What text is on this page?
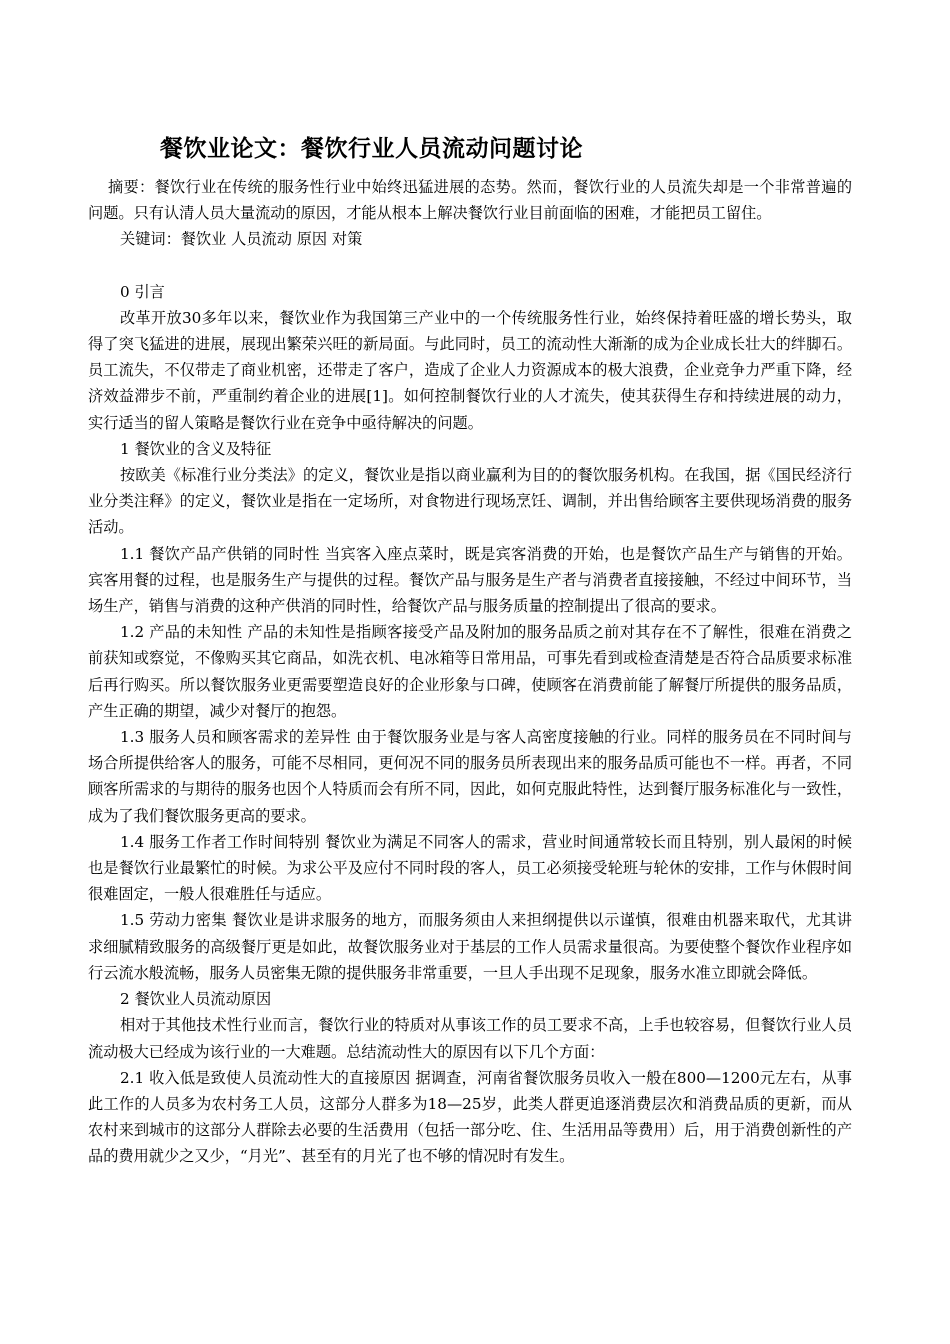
餐饮业论文：餐饮行业人员流动问题讨论

摘要：餐饮行业在传统的服务性行业中始终迅猛进展的态势。然而，餐饮行业的人员流失却是一个非常普遍的问题。只有认清人员大量流动的原因，才能从根本上解决餐饮行业目前面临的困难，才能把员工留住。

关键词：餐饮业 人员流动 原因 对策

0 引言

改革开放30多年以来，餐饮业作为我国第三产业中的一个传统服务性行业，始终保持着旺盛的增长势头，取得了突飞猛进的进展，展现出繁荣兴旺的新局面。与此同时，员工的流动性大渐渐的成为企业成长壮大的绊脚石。员工流失，不仅带走了商业机密，还带走了客户，造成了企业人力资源成本的极大浪费，企业竞争力严重下降，经济效益滞步不前，严重制约着企业的进展[1]。如何控制餐饮行业的人才流失，使其获得生存和持续进展的动力，实行适当的留人策略是餐饮行业在竞争中亟待解决的问题。

1 餐饮业的含义及特征

按欧美《标准行业分类法》的定义，餐饮业是指以商业赢利为目的的餐饮服务机构。在我国，据《国民经济行业分类注释》的定义，餐饮业是指在一定场所，对食物进行现场烹饪、调制，并出售给顾客主要供现场消费的服务活动。

1.1 餐饮产品产供销的同时性 当宾客入座点菜时，既是宾客消费的开始，也是餐饮产品生产与销售的开始。宾客用餐的过程，也是服务生产与提供的过程。餐饮产品与服务是生产者与消费者直接接触，不经过中间环节，当场生产，销售与消费的这种产供消的同时性，给餐饮产品与服务质量的控制提出了很高的要求。

1.2 产品的未知性 产品的未知性是指顾客接受产品及附加的服务品质之前对其存在不了解性，很难在消费之前获知或察觉，不像购买其它商品，如洗衣机、电冰箱等日常用品，可事先看到或检查清楚是否符合品质要求标准后再行购买。所以餐饮服务业更需要塑造良好的企业形象与口碑，使顾客在消费前能了解餐厅所提供的服务品质，产生正确的期望，减少对餐厅的抱怨。

1.3 服务人员和顾客需求的差异性 由于餐饮服务业是与客人高密度接触的行业。同样的服务员在不同时间与场合所提供给客人的服务，可能不尽相同，更何况不同的服务员所表现出来的服务品质可能也不一样。再者，不同顾客所需求的与期待的服务也因个人特质而会有所不同，因此，如何克服此特性，达到餐厅服务标准化与一致性，成为了我们餐饮服务更高的要求。

1.4 服务工作者工作时间特别 餐饮业为满足不同客人的需求，营业时间通常较长而且特别，别人最闲的时候也是餐饮行业最繁忙的时候。为求公平及应付不同时段的客人，员工必须接受轮班与轮休的安排，工作与休假时间很难固定，一般人很难胜任与适应。

1.5 劳动力密集 餐饮业是讲求服务的地方，而服务须由人来担纲提供以示谨慎，很难由机器来取代，尤其讲求细腻精致服务的高级餐厅更是如此，故餐饮服务业对于基层的工作人员需求量很高。为要使整个餐饮作业程序如行云流水般流畅，服务人员密集无隙的提供服务非常重要，一旦人手出现不足现象，服务水准立即就会降低。

2 餐饮业人员流动原因

相对于其他技术性行业而言，餐饮行业的特质对从事该工作的员工要求不高，上手也较容易，但餐饮行业人员流动极大已经成为该行业的一大难题。总结流动性大的原因有以下几个方面：

2.1 收入低是致使人员流动性大的直接原因 据调查，河南省餐饮服务员收入一般在800—1200元左右，从事此工作的人员多为农村务工人员，这部分人群多为18—25岁，此类人群更追逐消费层次和消费品质的更新，而从农村来到城市的这部分人群除去必要的生活费用（包括一部分吃、住、生活用品等费用）后，用于消费创新性的产品的费用就少之又少，“月光”、甚至有的月光了也不够的情况时有发生。
